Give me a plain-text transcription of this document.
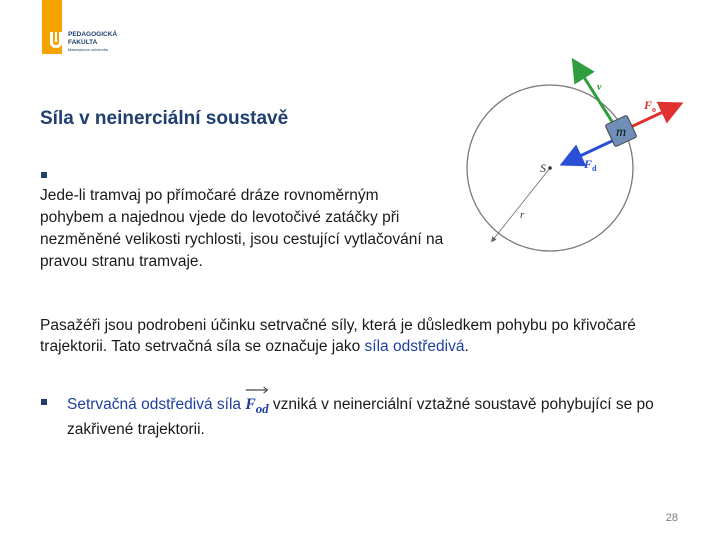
PEDAGOGICKÁ
FAKULTA
Masarykova univerzita
Síla v neinerciální soustavě

Jede-li tramvaj po přímočaré dráze rovnoměrným pohybem a najednou vjede do levotočivé zatáčky při nezměněné velikosti rychlosti, jsou cestující vytlačování na pravou stranu tramvaje.

Pasažéři jsou podrobeni účinku setrvačné síly, která je důsledkem pohybu po křivočaré trajektorii. Tato setrvačná síla se označuje jako síla odstředivá.

Setrvačná odstředivá síla $F_{od}$ vzniká v neinerciální vztažné soustavě pohybující se po zakřivené trajektorii.

m
v
$F_o$
$F_d$
S
r
28
